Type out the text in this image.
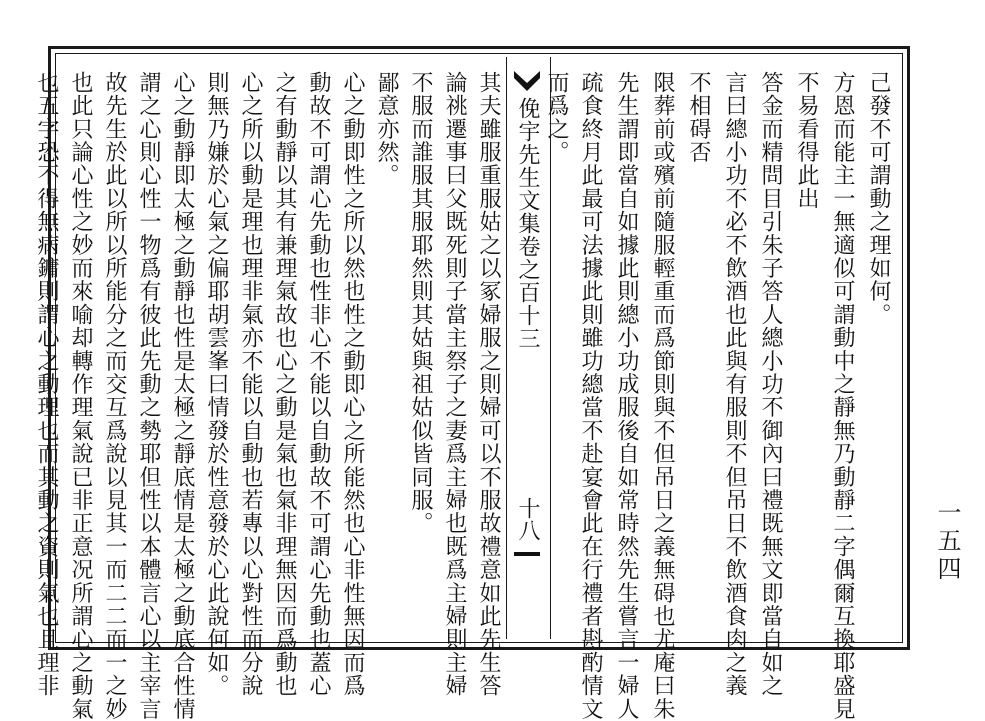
己發不可謂動之理如何。
方恩而能主一無適似可謂動中之靜無乃動靜二字偶爾互換耶盛見
不易看得此出
答金而精問目引朱子答人總小功不御內曰禮既無文即當自如之
言曰總小功不必不飲酒也此與有服則不但吊日不飲酒食肉之義
不相碍否
限葬前或殯前隨服輕重而爲節則與不但吊日之義無碍也尤庵曰朱
先生謂即當自如據此則總小功成服後自如常時然先生嘗言一婦人
疏食終月此最可法據此則雖功總當不赴宴會此在行禮者斟酌情文
而爲之。
俛宇先生文集卷之百十三
十八
其夫雖服重服姑之以冢婦服之則婦可以不服故禮意如此先生答
論祧遷事曰父既死則子當主祭子之妻爲主婦也既爲主婦則主婦
不服而誰服其服耶然則其姑與祖姑似皆同服。
鄙意亦然。
心之動即性之所以然也性之動即心之所能然也心非性無因而爲
動故不可謂心先動也性非心不能以自動故不可謂心先動也蓋心
之有動靜以其有兼理氣故也心之動是氣也氣非理無因而爲動也
心之所以動是理也理非氣亦不能以自動也若專以心對性而分說
則無乃嫌於心氣之偏耶胡雲峯曰情發於性意發於心此說何如。
心之動靜即太極之動靜也性是太極之靜底情是太極之動底合性情
謂之心則心性一物爲有彼此先動之勢耶但性以本體言心以主宰言
故先生於此以所以所能分之而交互爲說以見其一而二二而一之妙
也此只論心性之妙而來喻却轉作理氣說已非正意况所謂心之動氣
也五字恐不得無病鏞則謂心之動理也而其動之資則氣也且理非	一五四
